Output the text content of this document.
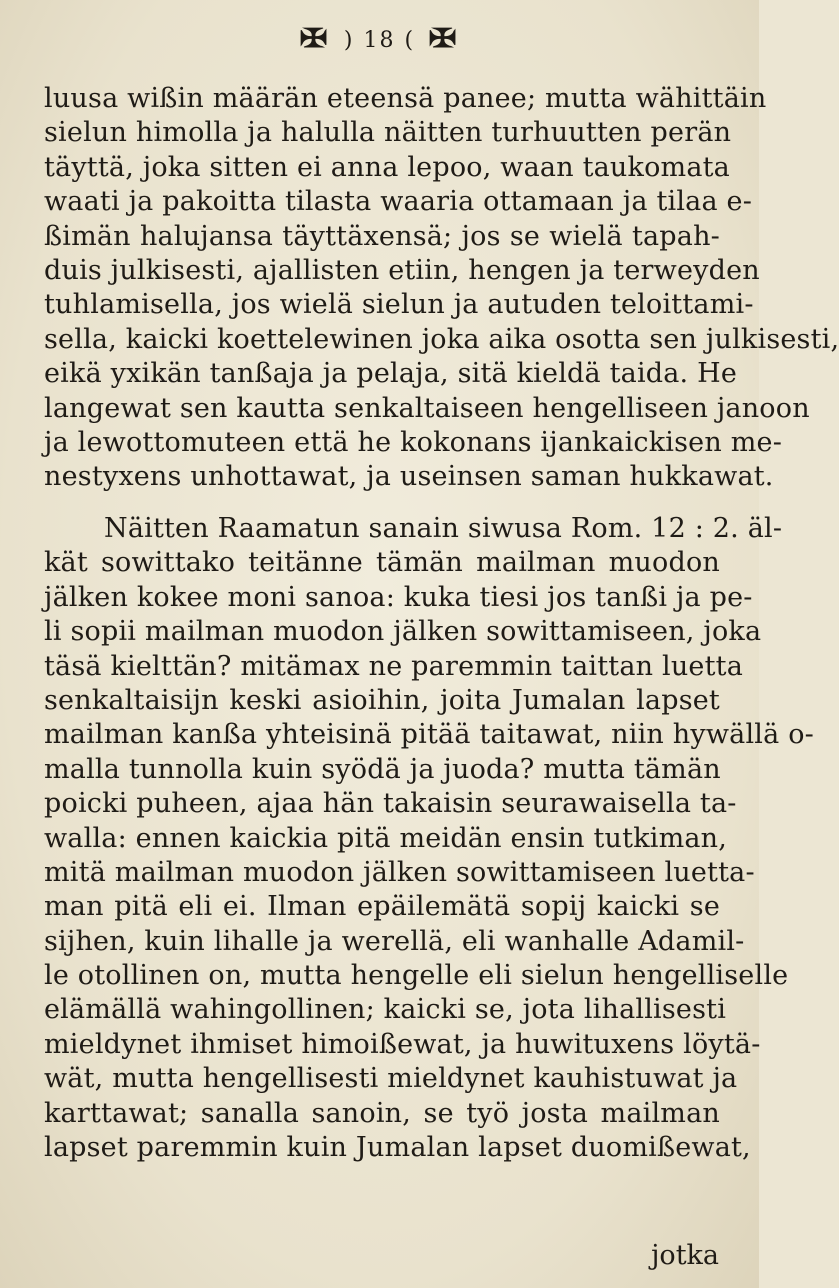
✠ ) 18 ( ✠
luusa wißin määrän eteensä panee; mutta wähittäin
sielun himolla ja halulla näitten turhuutten perän
täyttä, joka sitten ei anna lepoo, waan taukomata
waati ja pakoitta tilasta waaria ottamaan ja tilaa e-
ßimän halujansa täyttäxensä; jos se wielä tapah-
duis julkisesti, ajallisten etiin, hengen ja terweyden
tuhlamisella, jos wielä sielun ja autuden teloittami-
sella, kaicki koettelewinen joka aika osotta sen julkisesti,
eikä yxikän tanßaja ja pelaja, sitä kieldä taida. He
langewat sen kautta senkaltaiseen hengelliseen janoon
ja lewottomuteen että he kokonans ijankaickisen me-
nestyxens unhottawat, ja useinsen saman hukkawat.
Näitten Raamatun sanain siwusa Rom. 12 : 2. äl-
kät sowittako teitänne tämän mailman muodon
jälken kokee moni sanoa: kuka tiesi jos tanßi ja pe-
li sopii mailman muodon jälken sowittamiseen, joka
täsä kielttän? mitämax ne paremmin taittan luetta
senkaltaisijn keski asioihin, joita Jumalan lapset
mailman kanßa yhteisinä pitää taitawat, niin hywällä o-
malla tunnolla kuin syödä ja juoda? mutta tämän
poicki puheen, ajaa hän takaisin seurawaisella ta-
walla: ennen kaickia pitä meidän ensin tutkiman,
mitä mailman muodon jälken sowittamiseen luetta-
man pitä eli ei. Ilman epäilemätä sopij kaicki se
sijhen, kuin lihalle ja werellä, eli wanhalle Adamil-
le otollinen on, mutta hengelle eli sielun hengelliselle
elämällä wahingollinen; kaicki se, jota lihallisesti
mieldynet ihmiset himoißewat, ja huwituxens löytä-
wät, mutta hengellisesti mieldynet kauhistuwat ja
karttawat; sanalla sanoin, se työ josta mailman
lapset paremmin kuin Jumalan lapset duomißewat,
jotka
